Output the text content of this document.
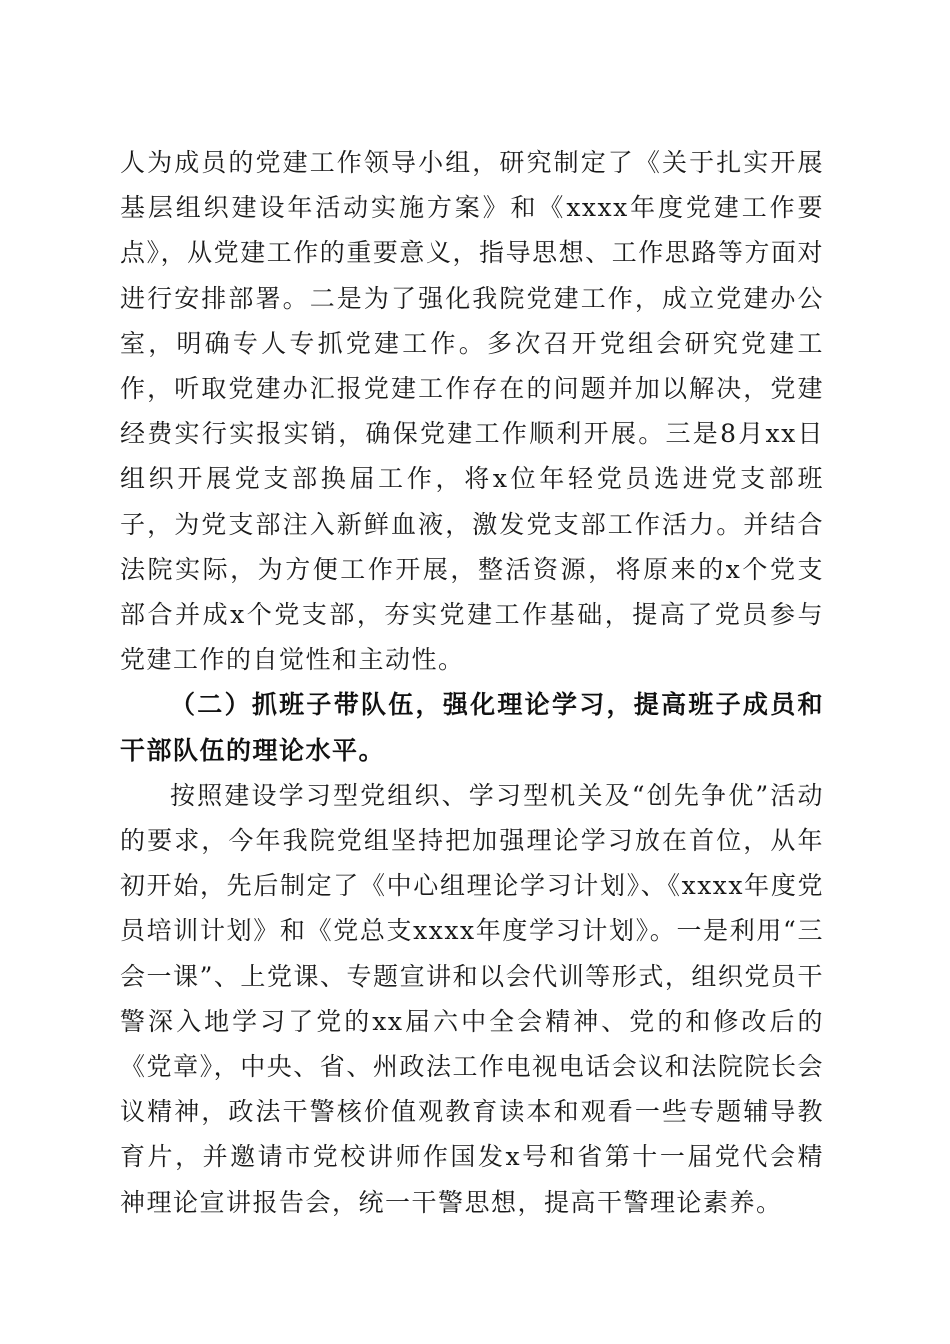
人为成员的党建工作领导小组，研究制定了《关于扎实开展基层组织建设年活动实施方案》和《xxxx年度党建工作要点》，从党建工作的重要意义，指导思想、工作思路等方面对进行安排部署。二是为了强化我院党建工作，成立党建办公室，明确专人专抓党建工作。多次召开党组会研究党建工作，听取党建办汇报党建工作存在的问题并加以解决，党建经费实行实报实销，确保党建工作顺利开展。三是8月xx日组织开展党支部换届工作，将x位年轻党员选进党支部班子，为党支部注入新鲜血液，激发党支部工作活力。并结合法院实际，为方便工作开展，整活资源，将原来的x个党支部合并成x个党支部，夯实党建工作基础，提高了党员参与党建工作的自觉性和主动性。

（二）抓班子带队伍，强化理论学习，提高班子成员和干部队伍的理论水平。

按照建设学习型党组织、学习型机关及“创先争优”活动的要求，今年我院党组坚持把加强理论学习放在首位，从年初开始，先后制定了《中心组理论学习计划》、《xxxx年度党员培训计划》和《党总支xxxx年度学习计划》。一是利用“三会一课”、上党课、专题宣讲和以会代训等形式，组织党员干警深入地学习了党的xx届六中全会精神、党的和修改后的《党章》，中央、省、州政法工作电视电话会议和法院院长会议精神，政法干警核价值观教育读本和观看一些专题辅导教育片，并邀请市党校讲师作国发x号和省第十一届党代会精神理论宣讲报告会，统一干警思想，提高干警理论素养。
